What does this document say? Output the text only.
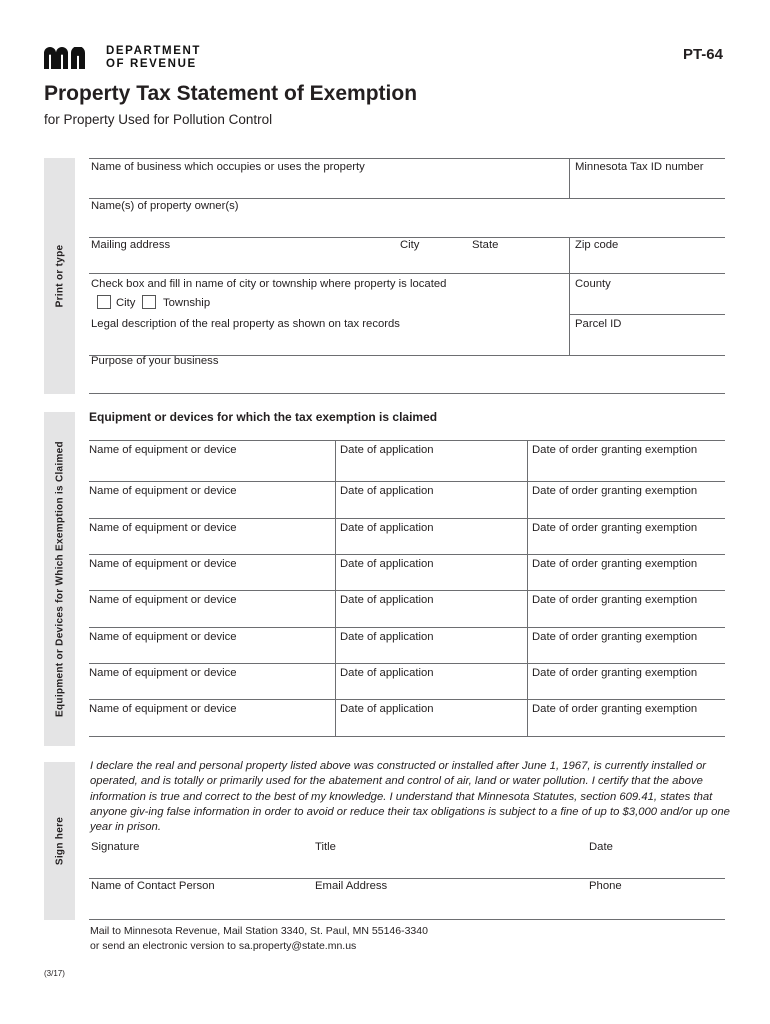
DEPARTMENT
OF REVENUE
PT-64
Property Tax Statement of Exemption
for Property Used for Pollution Control
Print or type
Equipment or Devices for Which Exemption is Claimed
Sign here
Name of business which occupies or uses the property	Minnesota Tax ID number
Name(s) of property owner(s)
Mailing address	City	State	Zip code
Check box and fill in name of city or township where property is located	County
City Township
Legal description of the real property as shown on tax records	Parcel ID
Purpose of your business
Equipment or devices for which the tax exemption is claimed
Name of equipment or device	Date of application	Date of order granting exemption
Name of equipment or device	Date of application	Date of order granting exemption
Name of equipment or device	Date of application	Date of order granting exemption
Name of equipment or device	Date of application	Date of order granting exemption
Name of equipment or device	Date of application	Date of order granting exemption
Name of equipment or device	Date of application	Date of order granting exemption
Name of equipment or device	Date of application	Date of order granting exemption
Name of equipment or device	Date of application	Date of order granting exemption
I declare the real and personal property listed above was constructed or installed after June 1, 1967, is currently installed or operated, and is totally or primarily used for the abatement and control of air, land or water pollution. I certify that the above information is true and correct to the best of my knowledge. I understand that Minnesota Statutes, section 609.41, states that anyone giv-ing false information in order to avoid or reduce their tax obligations is subject to a fine of up to $3,000 and/or up one year in prison.
Signature	Title	Date
Name of Contact Person	Email Address	Phone
Mail to Minnesota Revenue, Mail Station 3340, St. Paul, MN 55146-3340
or send an electronic version to sa.property@state.mn.us
(3/17)
